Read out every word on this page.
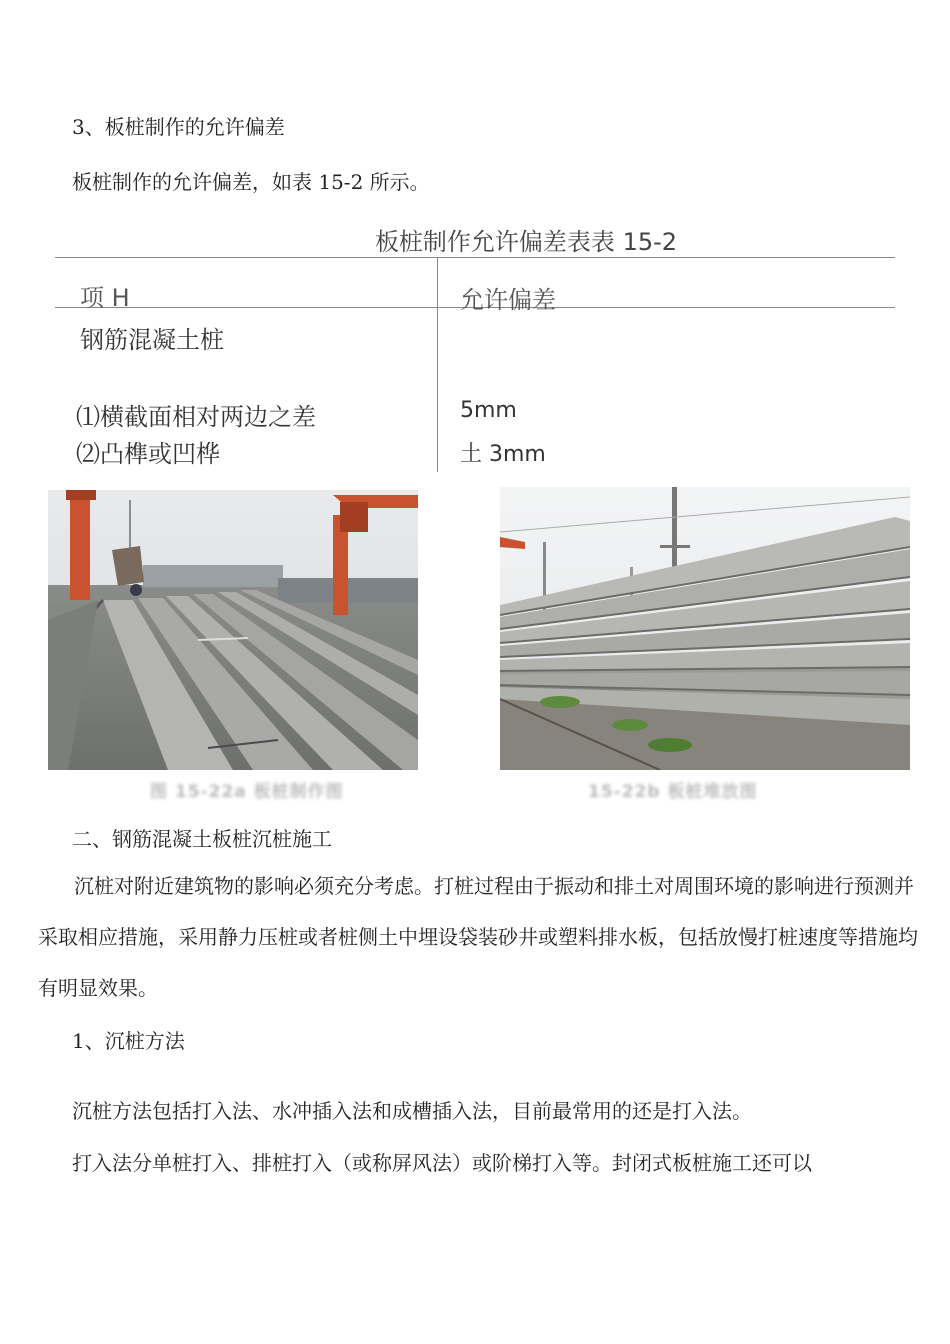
3、板桩制作的允许偏差
板桩制作的允许偏差，如表 15-2 所示。
板桩制作允许偏差表表 15-2
项 H	允许偏差
钢筋混凝土桩
⑴横截面相对两边之差	5mm
⑵凸榫或凹桦	土 3mm
图 15-22a 板桩制作图	15-22b 板桩堆放图
二、钢筋混凝土板桩沉桩施工
沉桩对附近建筑物的影响必须充分考虑。打桩过程由于振动和排土对周围环境的影响进行预测并采取相应措施，采用静力压桩或者桩侧土中埋设袋装砂井或塑料排水板，包括放慢打桩速度等措施均有明显效果。
1、沉桩方法
沉桩方法包括打入法、水冲插入法和成槽插入法，目前最常用的还是打入法。
打入法分单桩打入、排桩打入（或称屏风法）或阶梯打入等。封闭式板桩施工还可以
